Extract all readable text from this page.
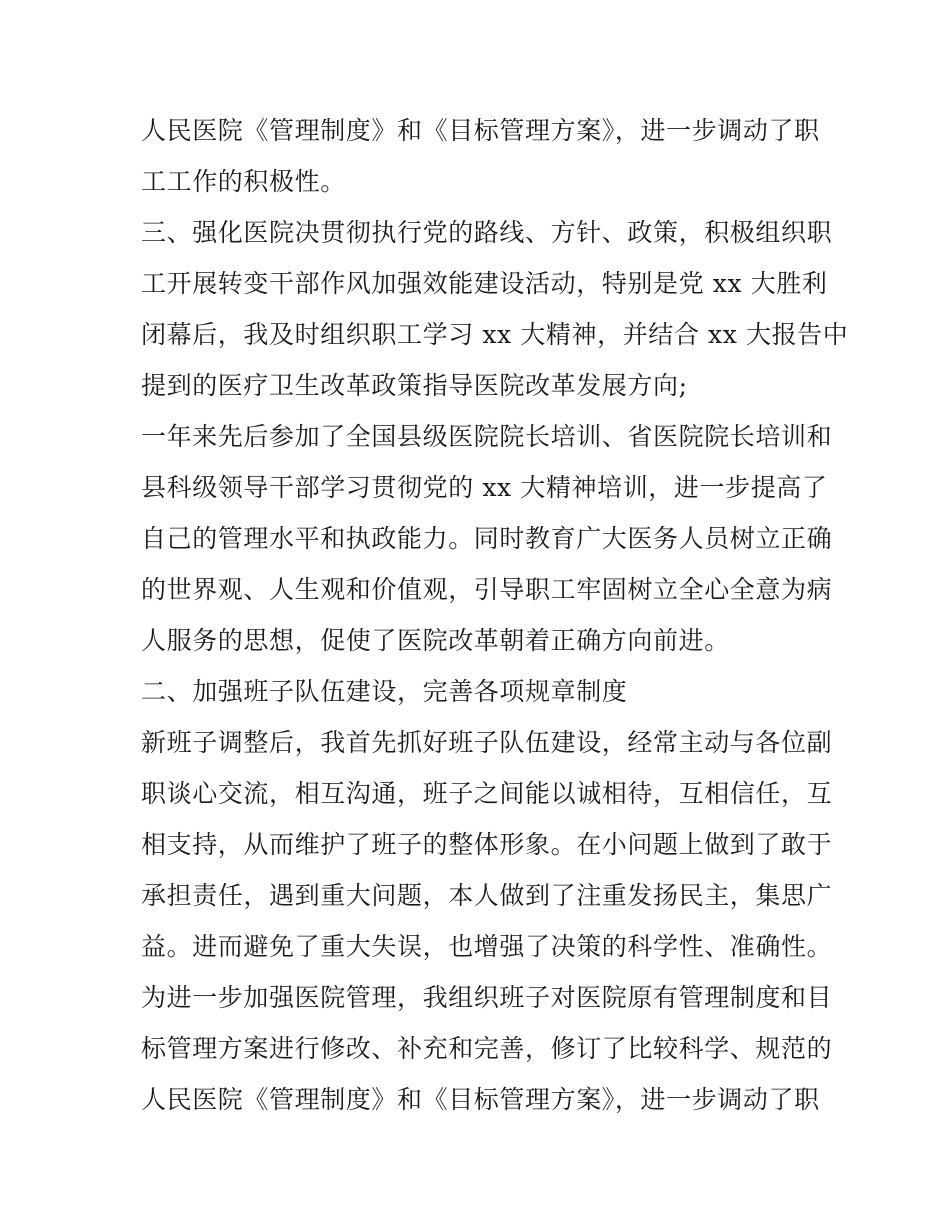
人民医院《管理制度》和《目标管理方案》，进一步调动了职
工工作的积极性。
三、强化医院决贯彻执行党的路线、方针、政策，积极组织职
工开展转变干部作风加强效能建设活动，特别是党 xx 大胜利
闭幕后，我及时组织职工学习 xx 大精神，并结合 xx 大报告中
提到的医疗卫生改革政策指导医院改革发展方向;
一年来先后参加了全国县级医院院长培训、省医院院长培训和
县科级领导干部学习贯彻党的 xx 大精神培训，进一步提高了
自己的管理水平和执政能力。同时教育广大医务人员树立正确
的世界观、人生观和价值观，引导职工牢固树立全心全意为病
人服务的思想，促使了医院改革朝着正确方向前进。
二、加强班子队伍建设，完善各项规章制度
新班子调整后，我首先抓好班子队伍建设，经常主动与各位副
职谈心交流，相互沟通，班子之间能以诚相待，互相信任，互
相支持，从而维护了班子的整体形象。在小问题上做到了敢于
承担责任，遇到重大问题，本人做到了注重发扬民主，集思广
益。进而避免了重大失误，也增强了决策的科学性、准确性。
为进一步加强医院管理，我组织班子对医院原有管理制度和目
标管理方案进行修改、补充和完善，修订了比较科学、规范的
人民医院《管理制度》和《目标管理方案》，进一步调动了职
